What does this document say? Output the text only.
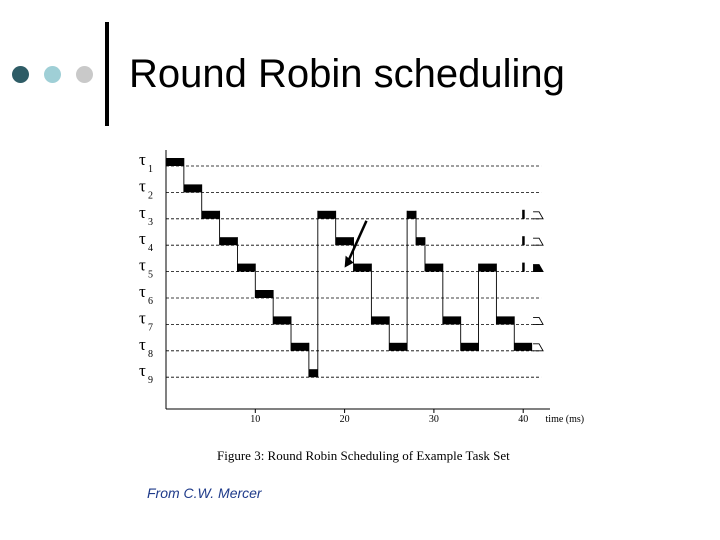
Round Robin scheduling
τ
1
τ
2
τ
3
τ
4
τ
5
τ
6
τ
7
τ
8
τ
9
10	20	30	40 time (ms)
Figure 3: Round Robin Scheduling of Example Task Set
From C.W. Mercer
